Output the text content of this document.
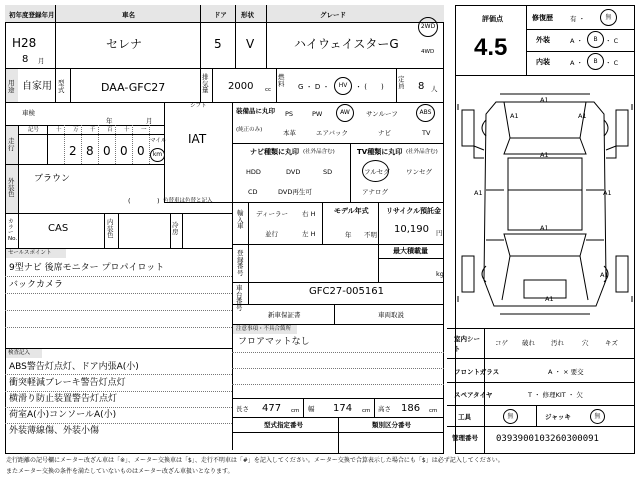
初年度登録年月	車名	ドア 形状	グレード
H28
8 月
セレナ	5 V	ハイウェイスターG
2WD
4WD
用途 自家用 型式	DAA-GFC27
排気量 2000 cc
燃料 G ・ D ・	HV	・ (　　)
定員 8 人
車検
年	月
シフト
IAT
走行
記号	十 万 千 百 十 一
2 8 0 0 0
マイル
km
外装色
ブラウン
(	) 色替車は色替と記入
カラーNo.
CAS
内装色
冷房
セールスポイント
9型ナビ 後席モニター プロパイロット
バックカメラ
検査記入
ABS警告灯点灯、ドア内張A(小)
衝突軽減ブレーキ警告灯点灯
横滑り防止装置警告灯点灯
荷室A(小)コンソールA(小)
外装薄線傷、外装小傷
装備品に丸印
(純正のみ)
PS	PW	AW	サンルーフ	ABS
本革	エアバック	ナビ	TV
ナビ種類に丸印 (社外品含む)	TV種類に丸印 (社外品含む)
HDD	DVD	SD
CD	DVD再生可
フルセグ	ワンセグ
アナログ
輸入車
ディーラー
並行
右 H
左 H
モデル年式
年 不明
リサイクル預託金
10,190 円
登録番号
最大積載量
kg
車台番号
GFC27-005161
新車保証書	車両取説
注意事項・不具合箇所
フロアマットなし
長さ 477 cm 幅 174 cm 高さ 186 cm
型式指定番号	類別区分番号
評価点
4.5
修復歴	有 ・	無
外装	A ・	B	・ C
内装	A ・	B	・ C
A1
A1	A1
A1
A1	A1
A1
A1
A1
室内シート
コゲ 破れ 汚れ	穴	キズ
フロントガラス	A ・ × 要交
スペアタイヤ	T ・ 修理KIT ・ 欠
工具	無	ジャッキ	無
管理番号 0393900103260300091
走行距離の記号欄にメーター改ざん車は「※」、メーター交換車は「$」、走行不明車は「#」を記入してください。メーター交換で合算表示した場合にも「$」は必ず記入してください。
またメーター交換の条件を満たしていないものはメーター改ざん車扱いとなります。
